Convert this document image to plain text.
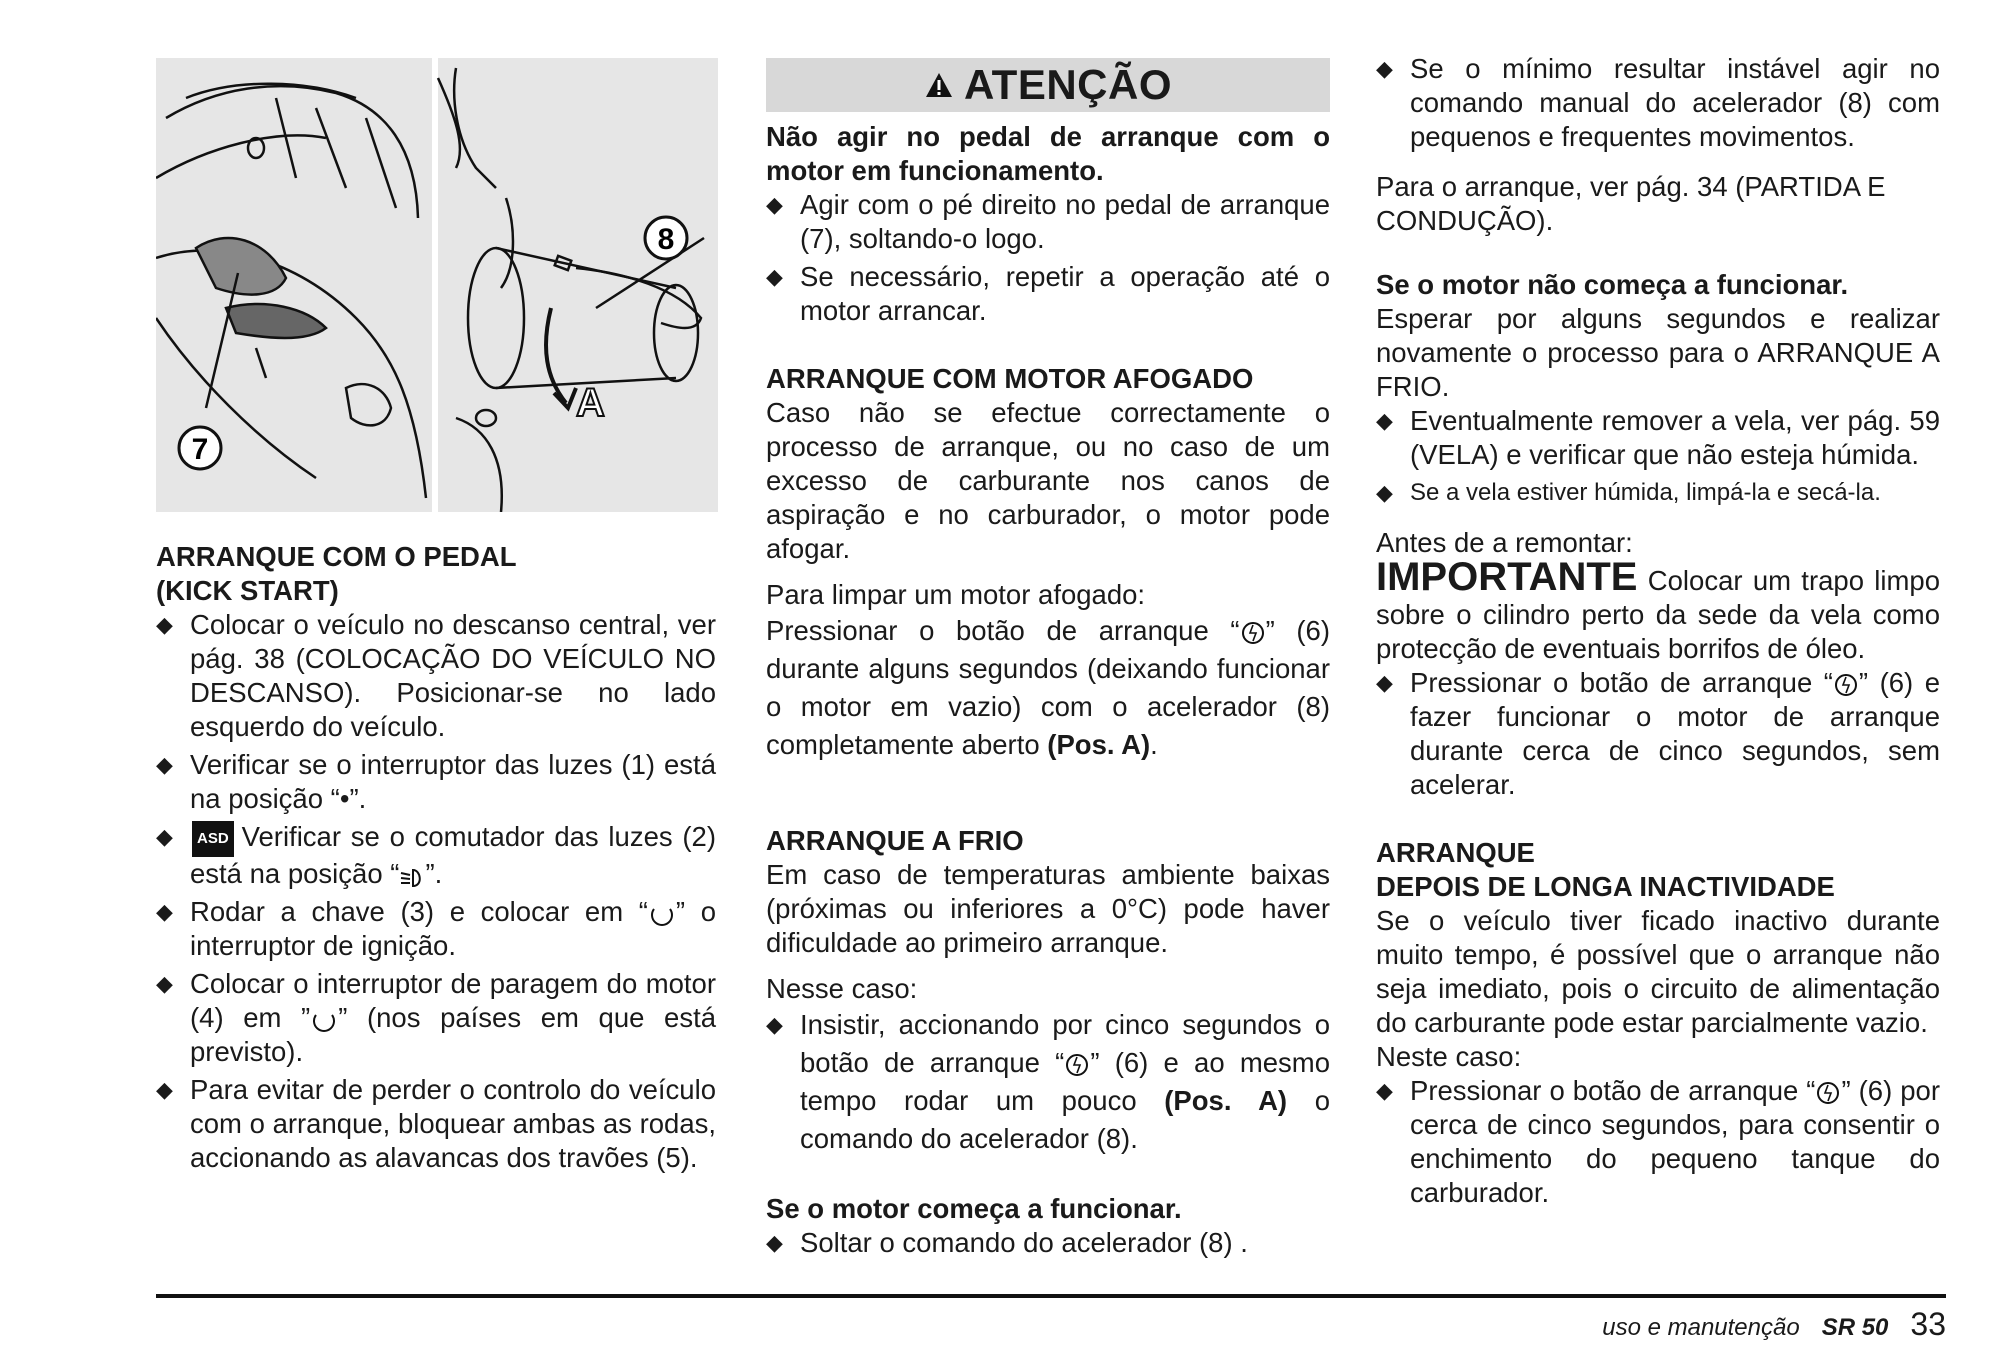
7
8
A

ARRANQUE COM O PEDAL

(KICK START)

◆ Colocar o veículo no descanso central, ver pág. 38 (COLOCAÇÃO DO VEÍCULO NO DESCANSO). Posicionar-se no lado esquerdo do veículo.
◆ Verificar se o interruptor das luzes (1) está na posição “•”.
◆ ASD Verificar se o comutador das luzes (2) está na posição “ ”.
◆ Rodar a chave (3) e colocar em “ ” o interruptor de ignição.
◆ Colocar o interruptor de paragem do motor (4) em ” ” (nos países em que está previsto).
◆ Para evitar de perder o controlo do veículo com o arranque, bloquear ambas as rodas, accionando as alavancas dos travões (5).
ATENÇÃO

Não agir no pedal de arranque com o motor em funcionamento.

◆ Agir com o pé direito no pedal de arranque (7), soltando-o logo.
◆ Se necessário, repetir a operação até o motor arrancar.

ARRANQUE COM MOTOR AFOGADO

Caso não se efectue correctamente o processo de arranque, ou no caso de um excesso de carburante nos canos de aspiração e no carburador, o motor pode afogar.

Para limpar um motor afogado:

Pressionar o botão de arranque “ ” (6) durante alguns segundos (deixando funcionar o motor em vazio) com o acelerador (8) completamente aberto (Pos. A).

ARRANQUE A FRIO

Em caso de temperaturas ambiente baixas (próximas ou inferiores a 0°C) pode haver dificuldade ao primeiro arranque.

Nesse caso:

◆ Insistir, accionando por cinco segundos o botão de arranque “ ” (6) e ao mesmo tempo rodar um pouco (Pos. A) o comando do acelerador (8).

Se o motor começa a funcionar.

◆ Soltar o comando do acelerador (8) .
◆ Se o mínimo resultar instável agir no comando manual do acelerador (8) com pequenos e frequentes movimentos.

Para o arranque, ver pág. 34 (PARTIDA E CONDUÇÃO).

Se o motor não começa a funcionar.

Esperar por alguns segundos e realizar novamente o processo para o ARRANQUE A FRIO.

◆ Eventualmente remover a vela, ver pág. 59 (VELA) e verificar que não esteja húmida.
◆ Se a vela estiver húmida, limpá-la e secá-la.

Antes de a remontar:

IMPORTANTE Colocar um trapo limpo sobre o cilindro perto da sede da vela como protecção de eventuais borrifos de óleo.

◆ Pressionar o botão de arranque “ ” (6) e fazer funcionar o motor de arranque durante cerca de cinco segundos, sem acelerar.

ARRANQUE

DEPOIS DE LONGA INACTIVIDADE

Se o veículo tiver ficado inactivo durante muito tempo, é possível que o arranque não seja imediato, pois o circuito de alimentação do carburante pode estar parcialmente vazio.

Neste caso:

◆ Pressionar o botão de arranque “ ” (6) por cerca de cinco segundos, para consentir o enchimento do pequeno tanque do carburador.
uso e manutenção SR 50 33
